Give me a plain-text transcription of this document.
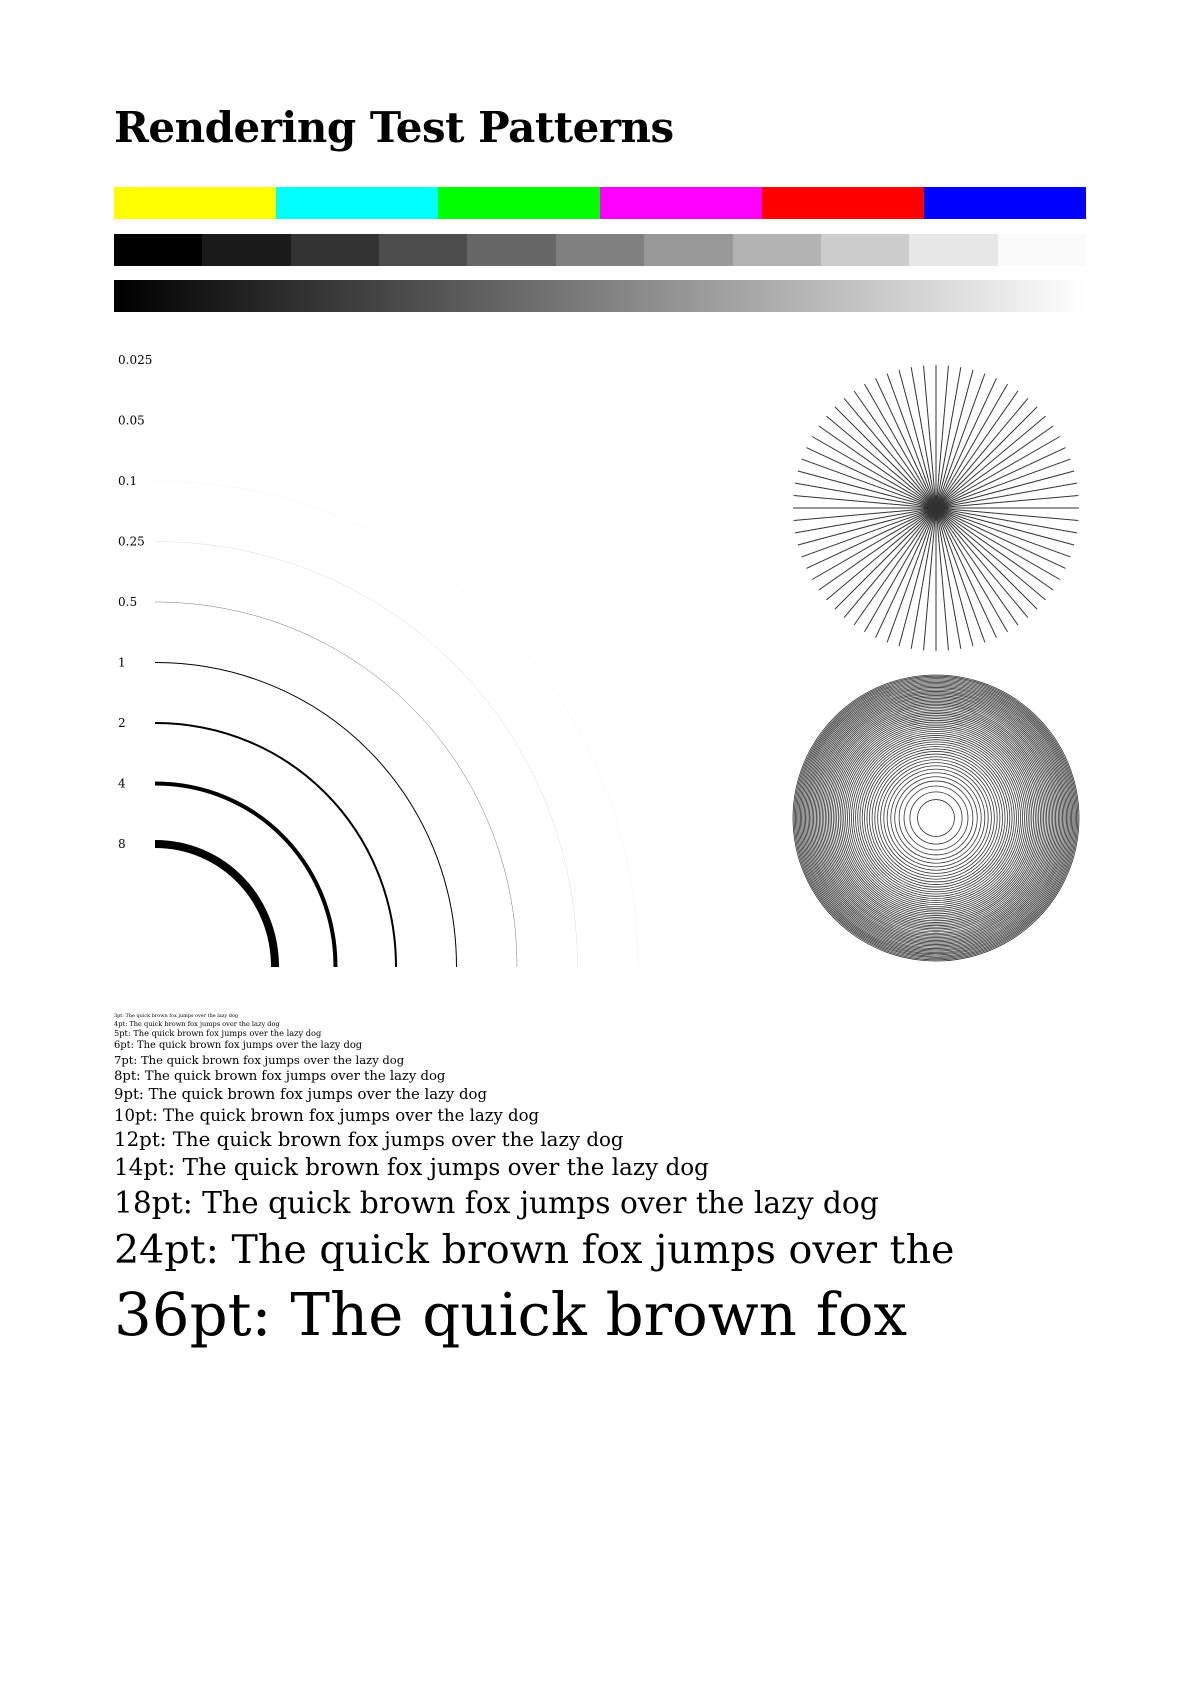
Rendering Test Patterns
0.025
0.05
0.1
0.25
0.5
1
2
4
8
3pt: The quick brown fox jumps over the lazy dog
4pt: The quick brown fox jumps over the lazy dog
5pt: The quick brown fox jumps over the lazy dog
6pt: The quick brown fox jumps over the lazy dog
7pt: The quick brown fox jumps over the lazy dog
8pt: The quick brown fox jumps over the lazy dog
9pt: The quick brown fox jumps over the lazy dog
10pt: The quick brown fox jumps over the lazy dog
12pt: The quick brown fox jumps over the lazy dog
14pt: The quick brown fox jumps over the lazy dog
18pt: The quick brown fox jumps over the lazy dog
24pt: The quick brown fox jumps over the
36pt: The quick brown fox
